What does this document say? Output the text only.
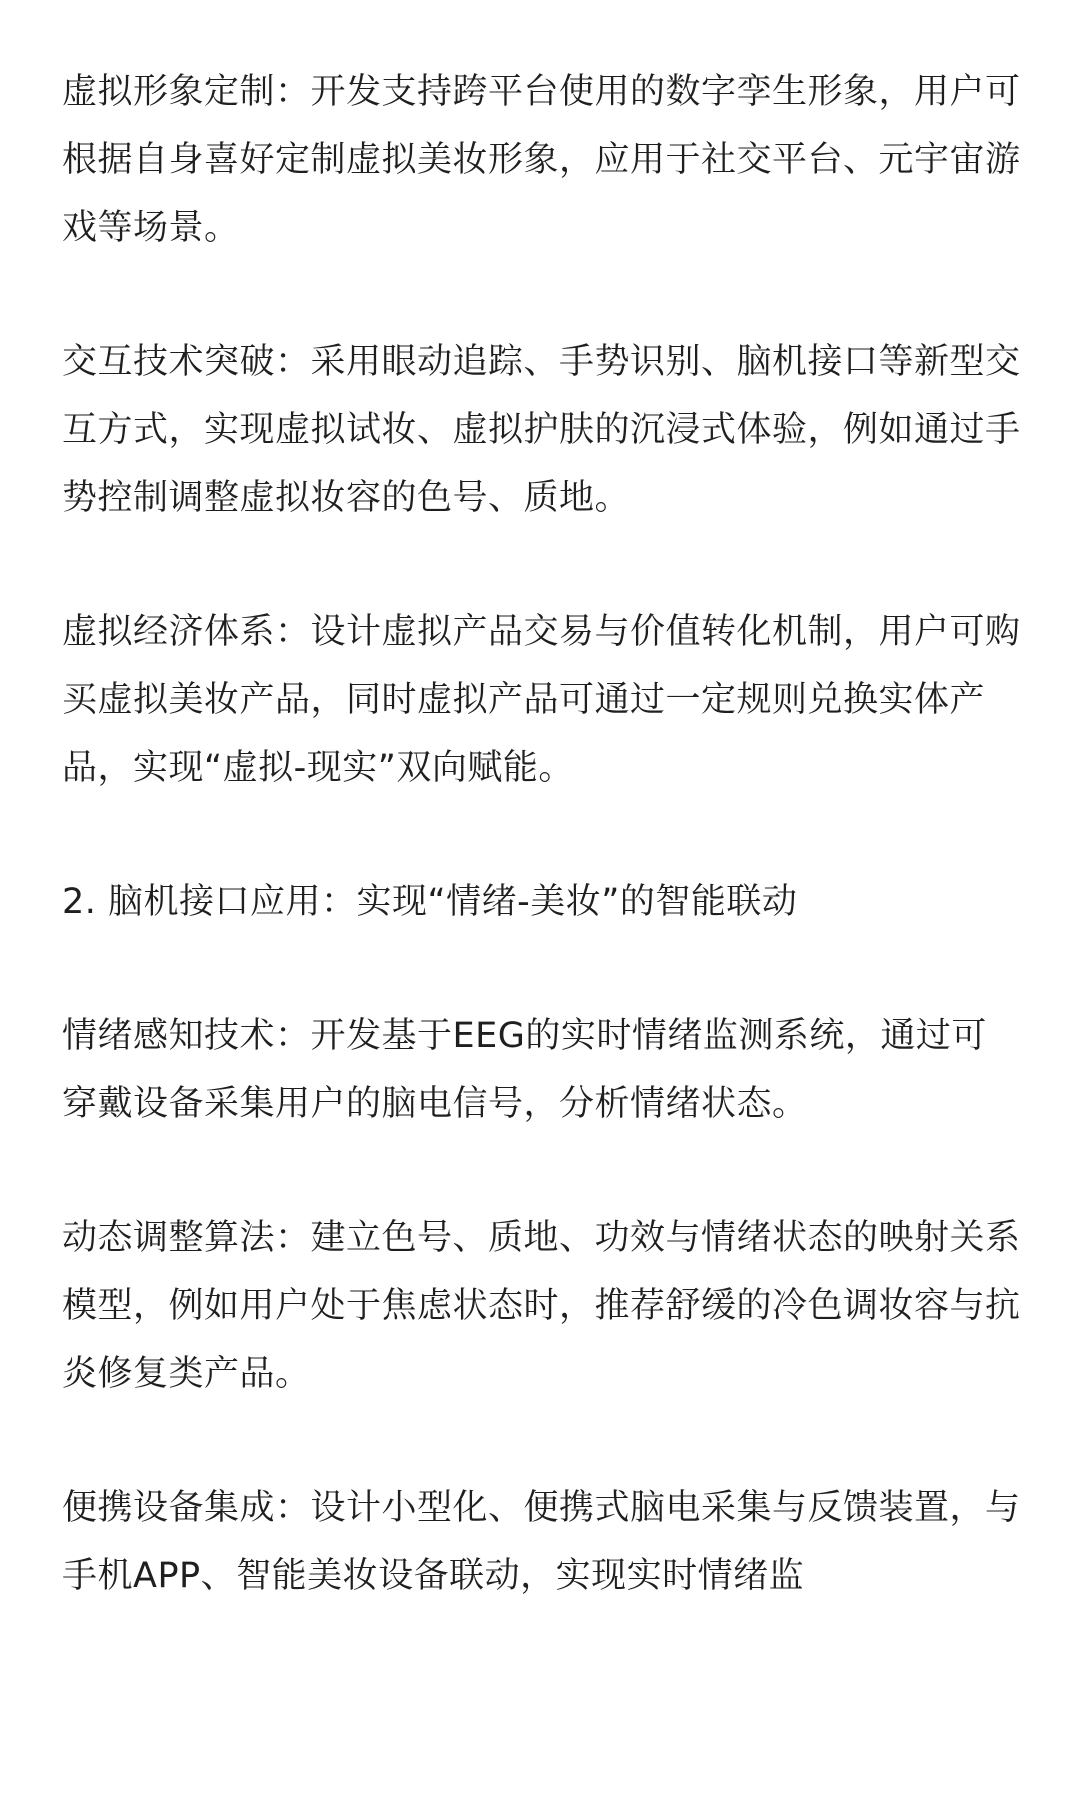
虚拟形象定制：开发支持跨平台使用的数字孪生形象，用户可根据自身喜好定制虚拟美妆形象，应用于社交平台、元宇宙游戏等场景。

交互技术突破：采用眼动追踪、手势识别、脑机接口等新型交互方式，实现虚拟试妆、虚拟护肤的沉浸式体验，例如通过手势控制调整虚拟妆容的色号、质地。

虚拟经济体系：设计虚拟产品交易与价值转化机制，用户可购买虚拟美妆产品，同时虚拟产品可通过一定规则兑换实体产品，实现“虚拟-现实”双向赋能。

2. 脑机接口应用：实现“情绪-美妆”的智能联动

情绪感知技术：开发基于EEG的实时情绪监测系统，通过可穿戴设备采集用户的脑电信号，分析情绪状态。

动态调整算法：建立色号、质地、功效与情绪状态的映射关系模型，例如用户处于焦虑状态时，推荐舒缓的冷色调妆容与抗炎修复类产品。

便携设备集成：设计小型化、便携式脑电采集与反馈装置，与手机APP、智能美妆设备联动，实现实时情绪监
